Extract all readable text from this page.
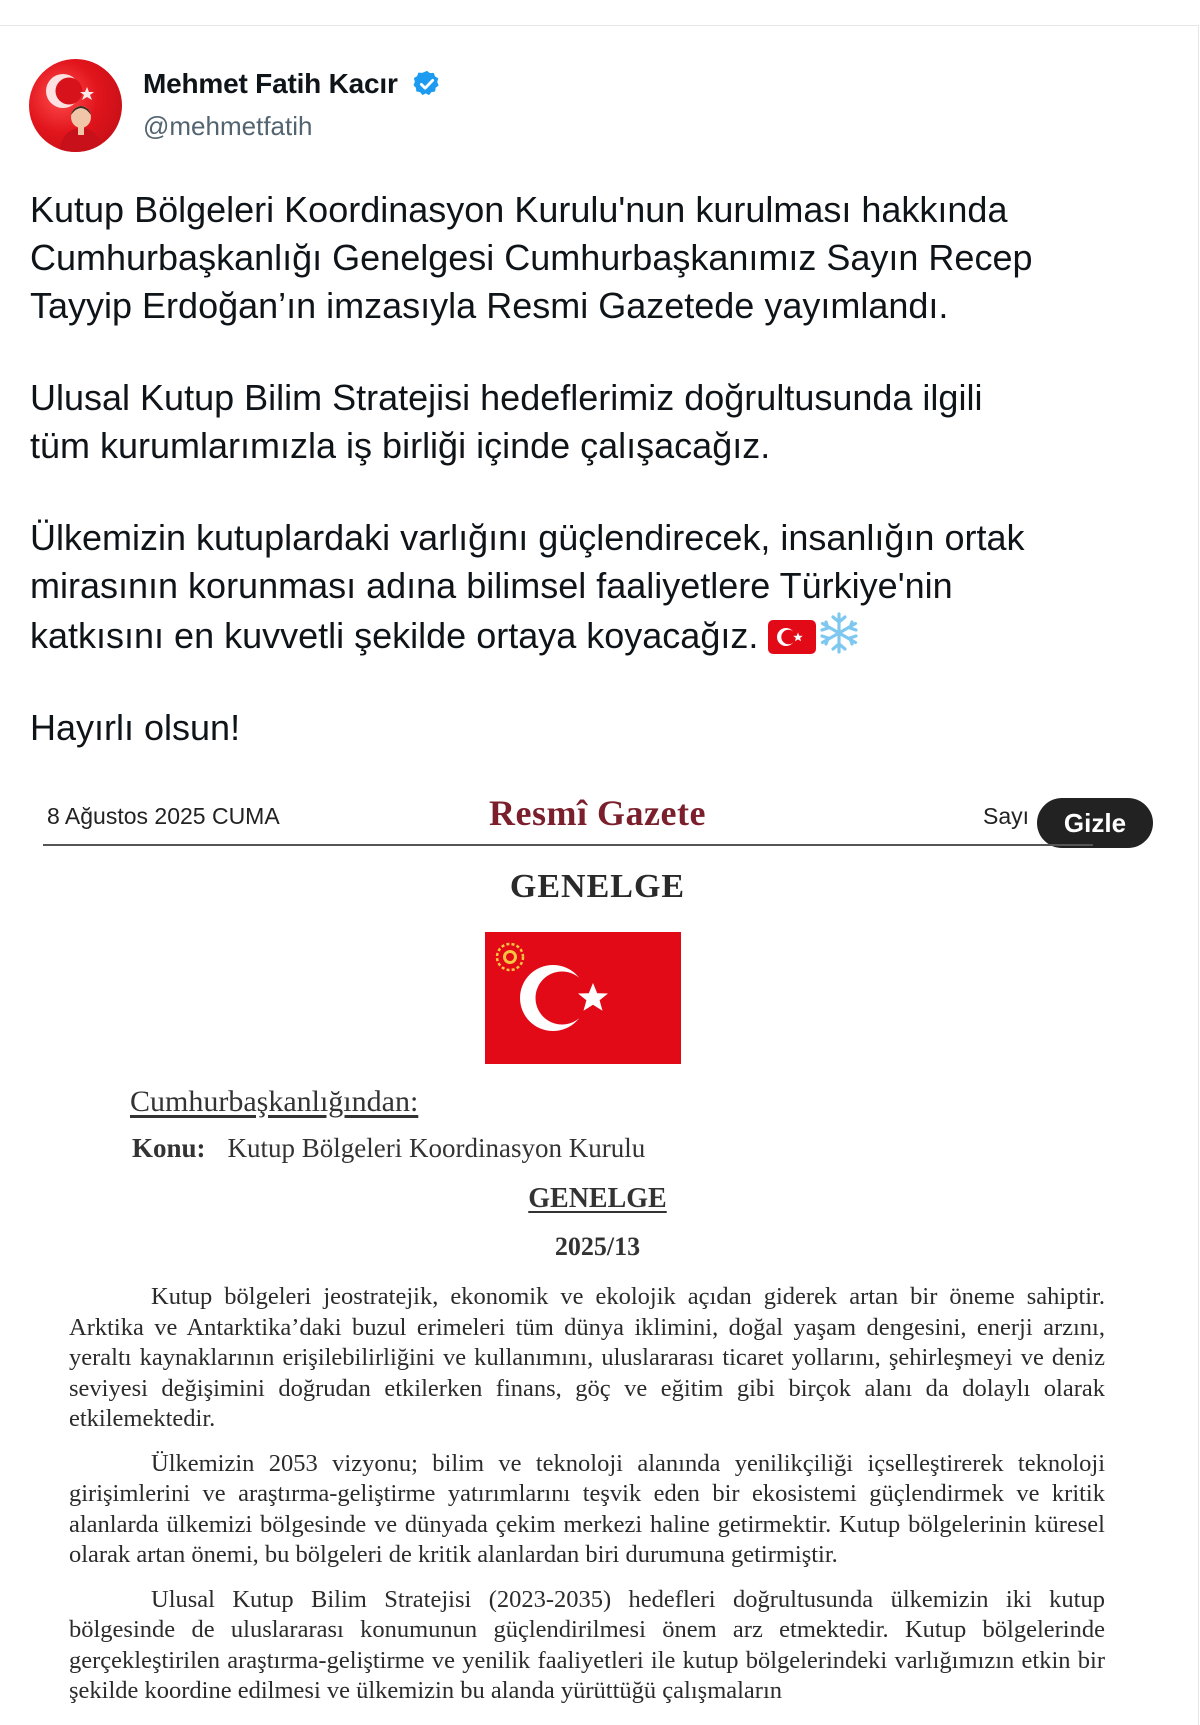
Mehmet Fatih Kacır
@mehmetfatih

Kutup Bölgeleri Koordinasyon Kurulu'nun kurulması hakkında
Cumhurbaşkanlığı Genelgesi Cumhurbaşkanımız Sayın Recep
Tayyip Erdoğan’ın imzasıyla Resmi Gazetede yayımlandı.

Ulusal Kutup Bilim Stratejisi hedeflerimiz doğrultusunda ilgili
tüm kurumlarımızla iş birliği içinde çalışacağız.

Ülkemizin kutuplardaki varlığını güçlendirecek, insanlığın ortak
mirasının korunması adına bilimsel faaliyetlere Türkiye'nin
katkısını en kuvvetli şekilde ortaya koyacağız.

Hayırlı olsun!

8 Ağustos 2025 CUMA	Resmî Gazete	Sayı	Gizle
GENELGE
Cumhurbaşkanlığından:
Konu: Kutup Bölgeleri Koordinasyon Kurulu
GENELGE
2025/13

Kutup bölgeleri jeostratejik, ekonomik ve ekolojik açıdan giderek artan bir öneme sahiptir. Arktika ve Antarktika’daki buzul erimeleri tüm dünya iklimini, doğal yaşam dengesini, enerji arzını, yeraltı kaynaklarının erişilebilirliğini ve kullanımını, uluslararası ticaret yollarını, şehirleşmeyi ve deniz seviyesi değişimini doğrudan etkilerken finans, göç ve eğitim gibi birçok alanı da dolaylı olarak etkilemektedir.

Ülkemizin 2053 vizyonu; bilim ve teknoloji alanında yenilikçiliği içselleştirerek teknoloji girişimlerini ve araştırma-geliştirme yatırımlarını teşvik eden bir ekosistemi güçlendirmek ve kritik alanlarda ülkemizi bölgesinde ve dünyada çekim merkezi haline getirmektir. Kutup bölgelerinin küresel olarak artan önemi, bu bölgeleri de kritik alanlardan biri durumuna getirmiştir.

Ulusal Kutup Bilim Stratejisi (2023-2035) hedefleri doğrultusunda ülkemizin iki kutup bölgesinde de uluslararası konumunun güçlendirilmesi önem arz etmektedir. Kutup bölgelerinde gerçekleştirilen araştırma-geliştirme ve yenilik faaliyetleri ile kutup bölgelerindeki varlığımızın etkin bir şekilde koordine edilmesi ve ülkemizin bu alanda yürüttüğü çalışmaların
